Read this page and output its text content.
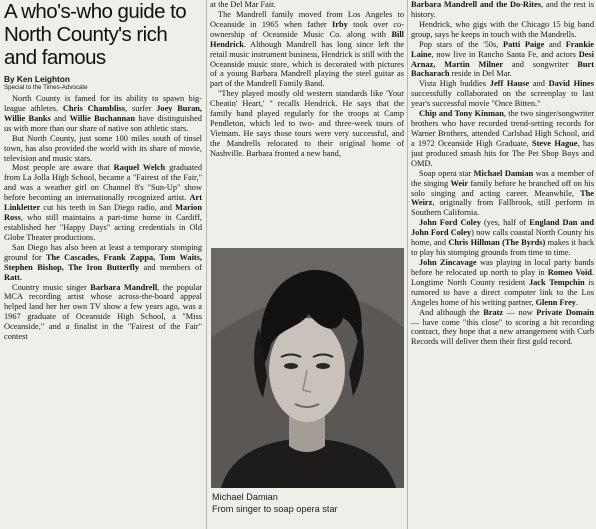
A who's-who guide to North County's rich and famous
By Ken Leighton
Special to the Times-Advocate

North County is famed for its ability to spawn big-league athletes. Chris Chambliss, surfer Joey Buran, Willie Banks and Willie Buchannan have distinguished us with more than our share of native son athletic stars.

But North County, just some 100 miles south of tinsel town, has also provided the world with its share of movie, television and music stars.

Most people are aware that Raquel Welch graduated from La Jolla High School, became a "Fairest of the Fair," and was a weather girl on Channel 8's "Sun-Up" show before becoming an internationally recognized artist. Art Linkletter cut his teeth in San Diego radio, and Marion Ross, who still maintains a part-time home in Cardiff, established her "Happy Days" acting credentials in Old Globe Theater productions.

San Diego has also been at least a temporary stomping ground for The Cascades, Frank Zappa, Tom Waits, Stephen Bishop, The Iron Butterfly and members of Ratt.

Country music singer Barbara Mandrell, the popular MCA recording artist whose across-the-board appeal helped land her her own TV show a few years ago, was a 1967 graduate of Oceanside High School, a "Miss Oceanside," and a finalist in the "Fairest of the Fair" contest

at the Del Mar Fair.

The Mandrell family moved from Los Angeles to Oceanside in 1965 when father Irby took over co-ownership of Oceanside Music Co. along with Bill Hendrick. Although Mandrell has long since left the retail music instrument business, Hendrick is still with the Oceanside music store, which is decorated with pictures of a young Barbara Mandrell playing the steel guitar as part of the Mandrell Family Band.

"They played mostly old western standards like 'Your Cheatin' Heart,' " recalls Hendrick. He says that the family band played regularly for the troops at Camp Pendleton, which led to two- and three-week tours of Vietnam. He says those tours were very successful, and the Mandrells relocated to their original home of Nashville. Barbara fronted a new band,

Michael Damian
From singer to soap opera star

Barbara Mandrell and the Do-Rites, and the rest is history.

Hendrick, who gigs with the Chicago 15 big band group, says he keeps in touch with the Mandrells.

Pop stars of the '50s, Patti Paige and Frankie Laine, now live in Rancho Santa Fe, and actors Desi Arnaz, Martin Milner and songwriter Burt Bacharach reside in Del Mar.

Vista High buddies Jeff Hause and David Hines successfully collaborated on the screenplay to last year's successful movie "Once Bitten."

Chip and Tony Kinman, the two singer/songwriter brothers who have recorded trend-setting records for Warner Brothers, attended Carlsbad High School, and a 1972 Oceanside High Graduate, Steve Hague, has just produced smash hits for The Pet Shop Boys and OMD.

Soap opera star Michael Damian was a member of the singing Weir family before he branched off on his solo singing and acting career. Meanwhile, The Weirz, originally from Fallbrook, still perform in Southern California.

John Ford Coley (yes, half of England Dan and John Ford Coley) now calls coastal North County his home, and Chris Hillman (The Byrds) makes it back to play his stomping grounds from time to time.

John Zincavage was playing in local party bands before he relocated up north to play in Romeo Void. Longtime North County resident Jack Tempchin is rumored to have a direct computer link to the Los Angeles home of his writing partner, Glenn Frey.

And although the Bratz — now Private Domain — have come "this close" to scoring a hit recording contract, they hope that a new arrangement with Curb Records will deliver them their first gold record.
